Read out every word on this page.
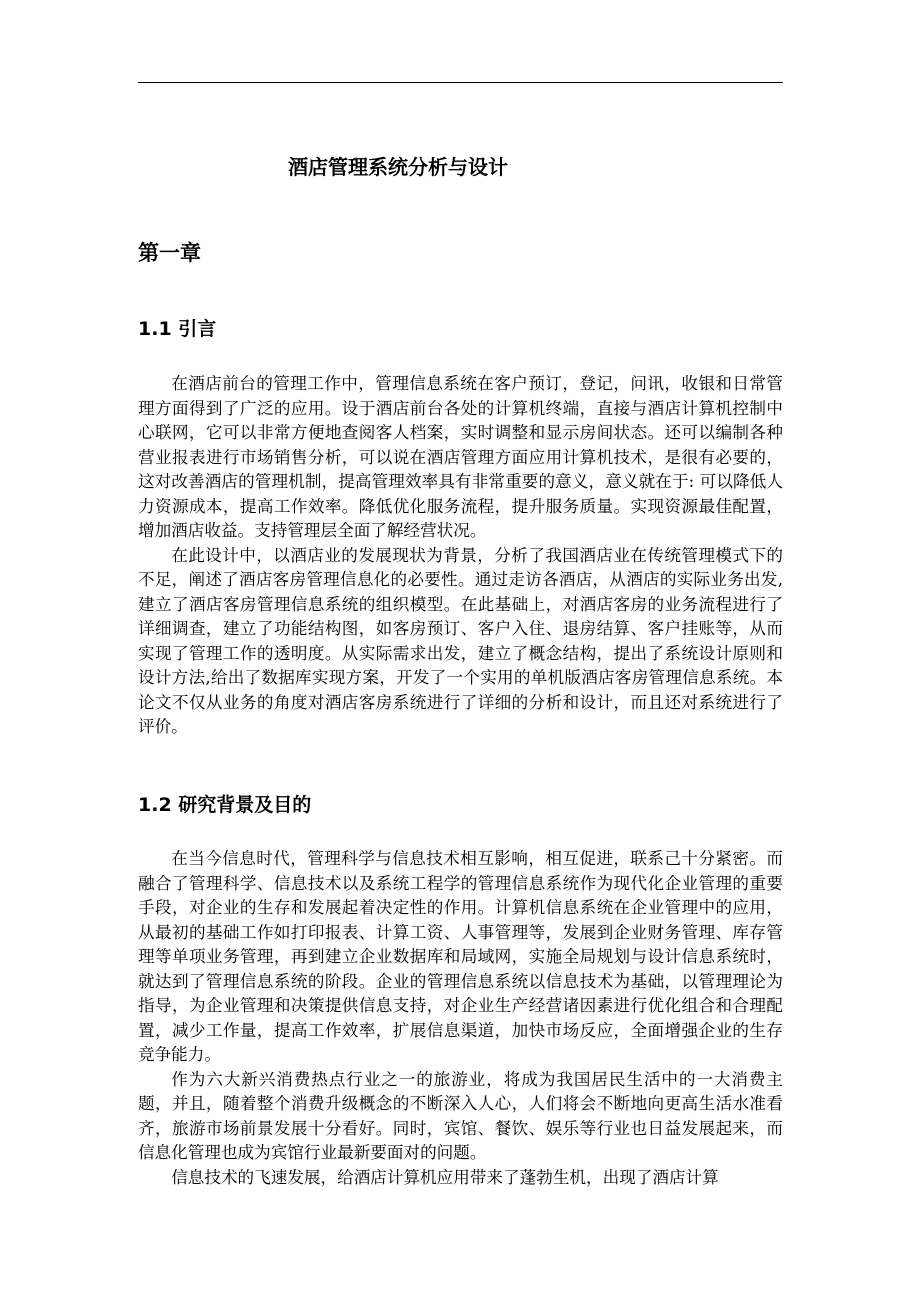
酒店管理系统分析与设计
第一章
1.1 引言

在酒店前台的管理工作中，管理信息系统在客户预订，登记，问讯，收银和日常管理方面得到了广泛的应用。设于酒店前台各处的计算机终端，直接与酒店计算机控制中心联网，它可以非常方便地查阅客人档案，实时调整和显示房间状态。还可以编制各种营业报表进行市场销售分析，可以说在酒店管理方面应用计算机技术，是很有必要的，这对改善酒店的管理机制，提高管理效率具有非常重要的意义，意义就在于: 可以降低人力资源成本，提高工作效率。降低优化服务流程，提升服务质量。实现资源最佳配置，增加酒店收益。支持管理层全面了解经营状况。

在此设计中，以酒店业的发展现状为背景，分析了我国酒店业在传统管理模式下的不足，阐述了酒店客房管理信息化的必要性。通过走访各酒店，从酒店的实际业务出发,建立了酒店客房管理信息系统的组织模型。在此基础上，对酒店客房的业务流程进行了详细调查，建立了功能结构图，如客房预订、客户入住、退房结算、客户挂账等，从而实现了管理工作的透明度。从实际需求出发，建立了概念结构，提出了系统设计原则和设计方法,给出了数据库实现方案，开发了一个实用的单机版酒店客房管理信息系统。本论文不仅从业务的角度对酒店客房系统进行了详细的分析和设计，而且还对系统进行了评价。

1.2 研究背景及目的

在当今信息时代，管理科学与信息技术相互影响，相互促进，联系己十分紧密。而融合了管理科学、信息技术以及系统工程学的管理信息系统作为现代化企业管理的重要手段，对企业的生存和发展起着决定性的作用。计算机信息系统在企业管理中的应用，从最初的基础工作如打印报表、计算工资、人事管理等，发展到企业财务管理、库存管理等单项业务管理，再到建立企业数据库和局域网，实施全局规划与设计信息系统时，就达到了管理信息系统的阶段。企业的管理信息系统以信息技术为基础，以管理理论为指导，为企业管理和决策提供信息支持，对企业生产经营诸因素进行优化组合和合理配置，减少工作量，提高工作效率，扩展信息渠道，加快市场反应，全面增强企业的生存竞争能力。

作为六大新兴消费热点行业之一的旅游业，将成为我国居民生活中的一大消费主题，并且，随着整个消费升级概念的不断深入人心，人们将会不断地向更高生活水准看齐，旅游市场前景发展十分看好。同时，宾馆、餐饮、娱乐等行业也日益发展起来，而信息化管理也成为宾馆行业最新要面对的问题。

信息技术的飞速发展，给酒店计算机应用带来了蓬勃生机，出现了酒店计算
